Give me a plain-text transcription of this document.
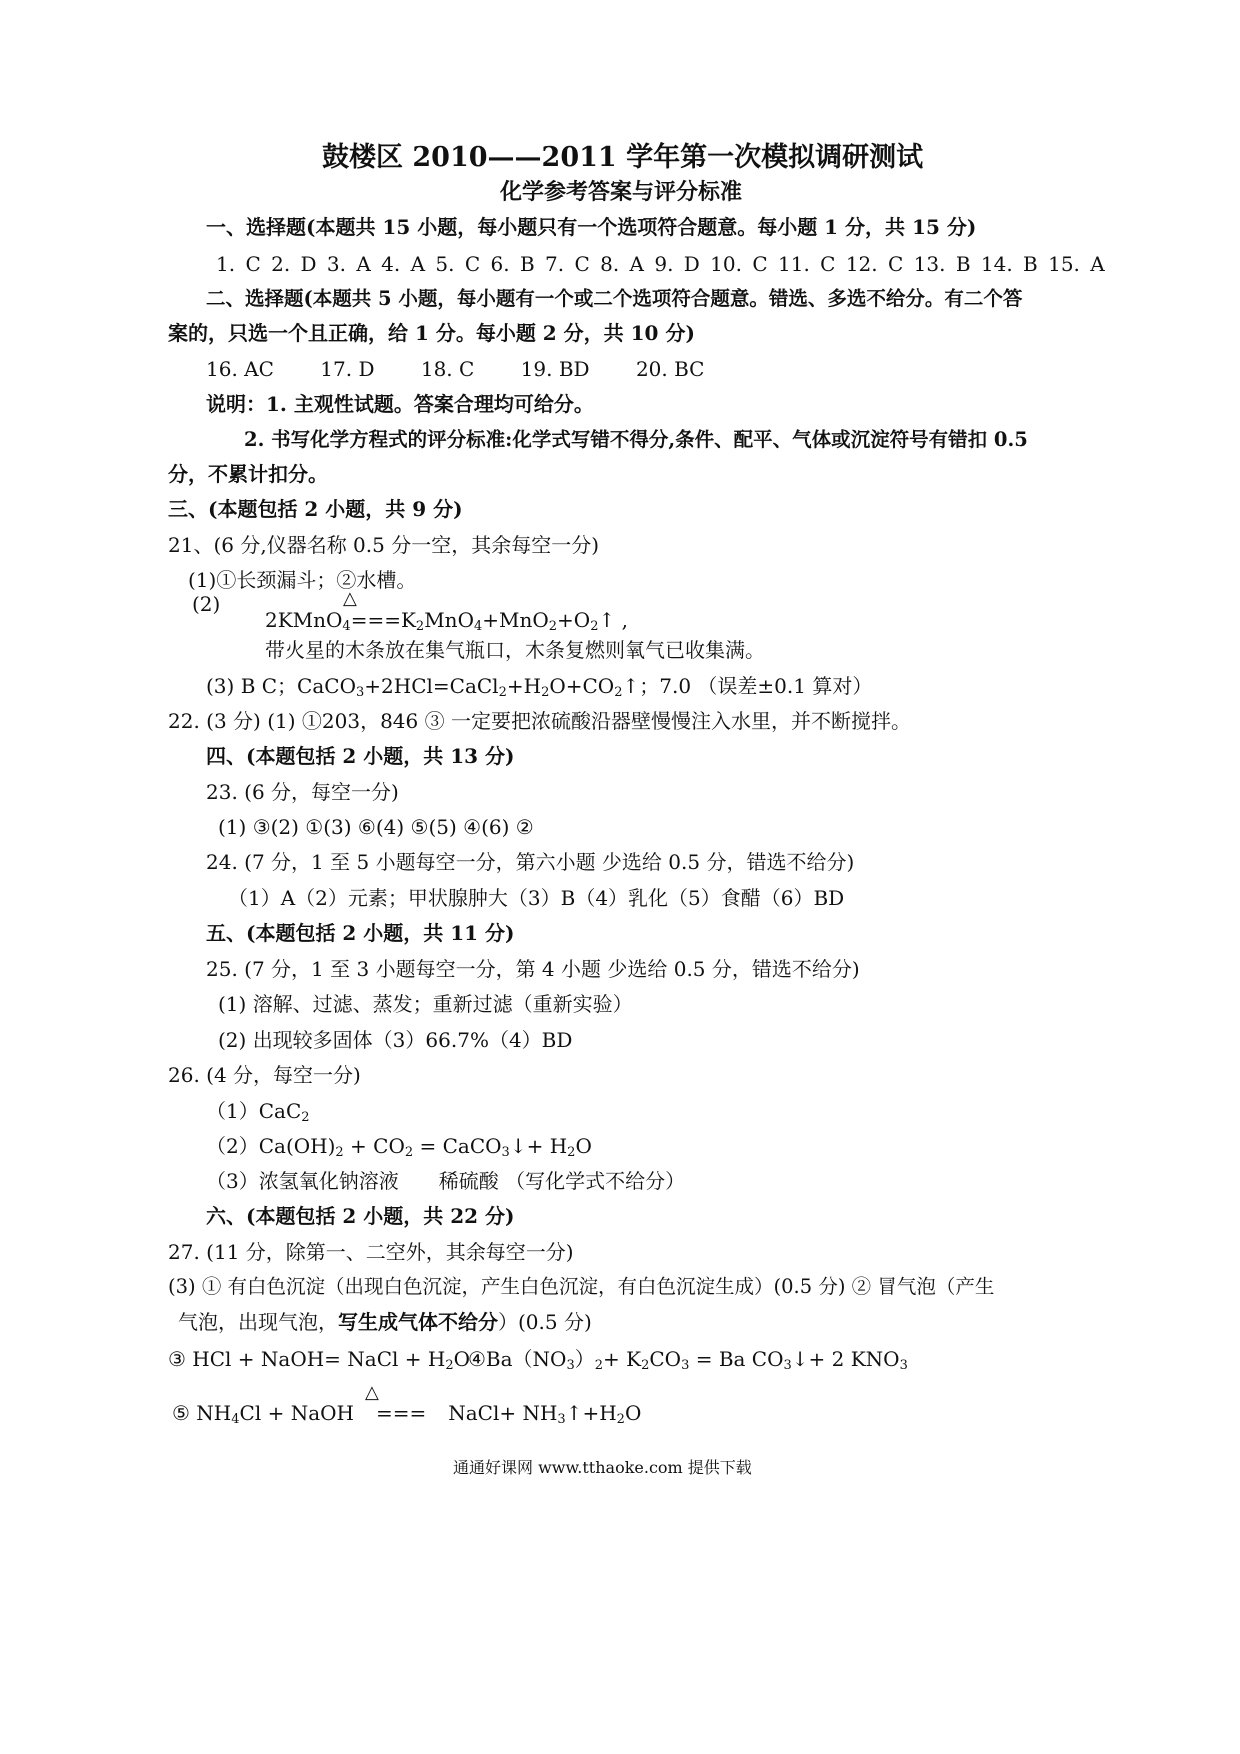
鼓楼区 2010——2011 学年第一次模拟调研测试
化学参考答案与评分标准
一、选择题(本题共 15 小题，每小题只有一个选项符合题意。每小题 1 分，共 15 分)
1. C 2. D 3. A 4. A 5. C 6. B 7. C 8. A 9. D 10. C 11. C 12. C 13. B 14. B 15. A
二、选择题(本题共 5 小题，每小题有一个或二个选项符合题意。错选、多选不给分。有二个答
案的，只选一个且正确，给 1 分。每小题 2 分，共 10 分)
16. AC 17. D 18. C 19. BD 20. BC
说明：1. 主观性试题。答案合理均可给分。
2. 书写化学方程式的评分标准:化学式写错不得分,条件、配平、气体或沉淀符号有错扣 0.5
分，不累计扣分。
三、(本题包括 2 小题，共 9 分)
21、(6 分,仪器名称 0.5 分一空，其余每空一分)
(1)①长颈漏斗；②水槽。
(2)	△
$2KMnO_4===K_2MnO_4+MnO_2+O_2↑$ ,
带火星的木条放在集气瓶口，木条复燃则氧气已收集满。
(3) B C；$CaCO_3+2HCl=CaCl_2+H_2O+CO_2↑$；7.0 （误差±0.1 算对）
22. (3 分) (1) ①203，846 ③ 一定要把浓硫酸沿器壁慢慢注入水里，并不断搅拌。
四、(本题包括 2 小题，共 13 分)
23. (6 分，每空一分)
(1) ③(2) ①(3) ⑥(4) ⑤(5) ④(6) ②
24. (7 分，1 至 5 小题每空一分，第六小题 少选给 0.5 分，错选不给分)
（1）A（2）元素；甲状腺肿大（3）B（4）乳化（5）食醋（6）BD
五、(本题包括 2 小题，共 11 分)
25. (7 分，1 至 3 小题每空一分，第 4 小题 少选给 0.5 分，错选不给分)
(1) 溶解、过滤、蒸发；重新过滤（重新实验）
(2) 出现较多固体（3）66.7%（4）BD
26. (4 分，每空一分)
（1）CaC$_2$
$(2)Ca(OH)_2 + CO_2$ = CaCO$_3$↓+ $H_2O$
（3）浓氢氧化钠溶液　　稀硫酸 （写化学式不给分）
六、(本题包括 2 小题，共 22 分)
27. (11 分，除第一、二空外，其余每空一分)
(3) ① 有白色沉淀（出现白色沉淀，产生白色沉淀，有白色沉淀生成）(0.5 分) ② 冒气泡（产生
气泡，出现气泡，写生成气体不给分）(0.5 分)
③ HCl + NaOH= NaCl + $H_2O$
$④Ba(NO_3)_2+ K_2CO_3 = Ba$ $CO_3↓+ 2$ $KNO_3$
△
⑤ $NH_4Cl$ + NaOH === NaCl+ $NH_3↑+H_2O$
通通好课网 www.tthaoke.com 提供下载
